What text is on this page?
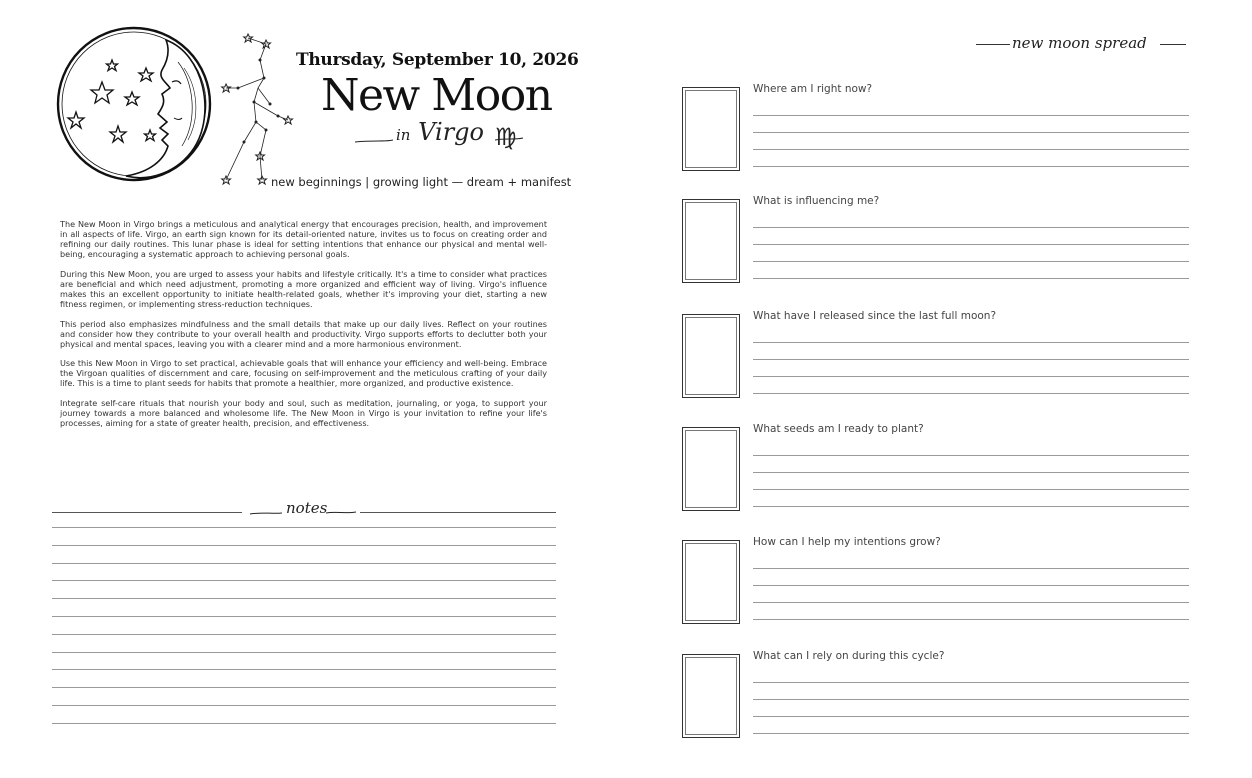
Thursday, September 10, 2026
New Moon
in Virgo ♍
new beginnings | growing light — dream + manifest

The New Moon in Virgo brings a meticulous and analytical energy that encourages precision, health, and improvement in all aspects of life. Virgo, an earth sign known for its detail-oriented nature, invites us to focus on creating order and refining our daily routines. This lunar phase is ideal for setting intentions that enhance our physical and mental well-being, encouraging a systematic approach to achieving personal goals.

During this New Moon, you are urged to assess your habits and lifestyle critically. It's a time to consider what practices are beneficial and which need adjustment, promoting a more organized and efficient way of living. Virgo's influence makes this an excellent opportunity to initiate health-related goals, whether it's improving your diet, starting a new fitness regimen, or implementing stress-reduction techniques.

This period also emphasizes mindfulness and the small details that make up our daily lives. Reflect on your routines and consider how they contribute to your overall health and productivity. Virgo supports efforts to declutter both your physical and mental spaces, leaving you with a clearer mind and a more harmonious environment.

Use this New Moon in Virgo to set practical, achievable goals that will enhance your efficiency and well-being. Embrace the Virgoan qualities of discernment and care, focusing on self-improvement and the meticulous crafting of your daily life. This is a time to plant seeds for habits that promote a healthier, more organized, and productive existence.

Integrate self-care rituals that nourish your body and soul, such as meditation, journaling, or yoga, to support your journey towards a more balanced and wholesome life. The New Moon in Virgo is your invitation to refine your life's processes, aiming for a state of greater health, precision, and effectiveness.

notes
new moon spread
Where am I right now?
What is influencing me?
What have I released since the last full moon?
What seeds am I ready to plant?
How can I help my intentions grow?
What can I rely on during this cycle?
